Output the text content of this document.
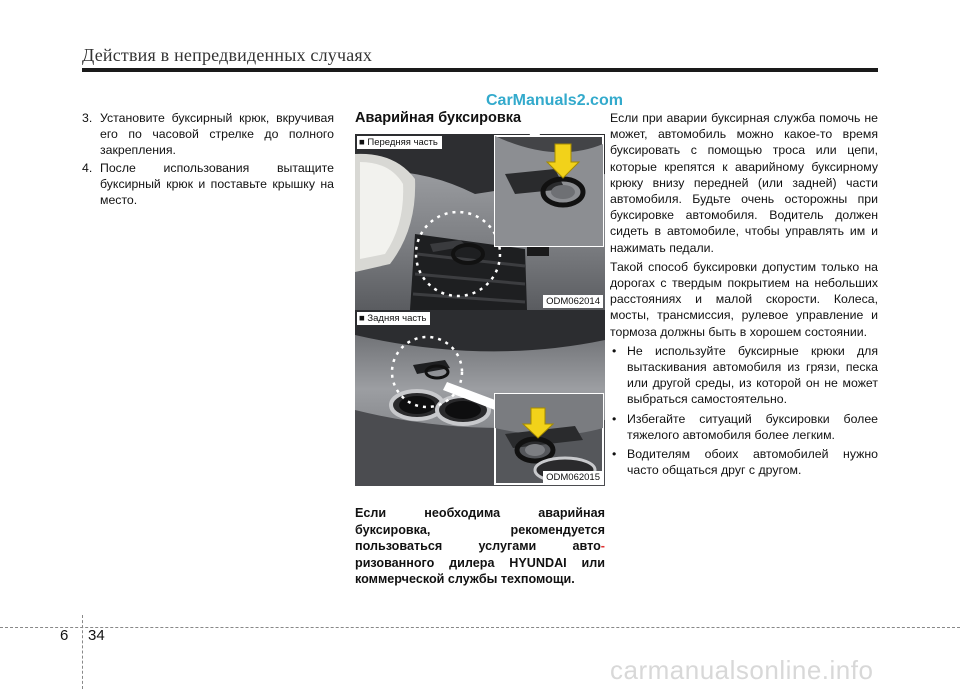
Действия в непредвиденных случаях
CarManuals2.com
3. Установите буксирный крюк, вкручивая его по часовой стрелке до полного закрепления.
4. После использования вытащите буксирный крюк и поставьте крышку на место.
Аварийная буксировка
■ Передняя часть
ODM062014
■ Задняя часть
ODM062015
Если необходима аварийная буксировка, рекомендуется пользоваться услугами авто- ризованного дилера HYUNDAI или коммерческой службы техпомощи.

Если при аварии буксирная служба помочь не может, автомобиль можно какое-то время буксировать с помощью троса или цепи, которые крепятся к аварийному буксирному крюку внизу передней (или задней) части автомобиля. Будьте очень осторожны при буксировке автомобиля. Водитель должен сидеть в автомобиле, чтобы управлять им и нажимать педали.

Такой способ буксировки допустим только на дорогах с твердым покрытием на небольших расстояниях и малой скорости. Колеса, мосты, трансмиссия, рулевое управление и тормоза должны быть в хорошем состоянии.

• Не используйте буксирные крюки для вытаскивания автомобиля из грязи, песка или другой среды, из которой он не может выбраться самостоятельно.
• Избегайте ситуаций буксировки более тяжелого автомобиля более легким.
• Водителям обоих автомобилей нужно часто общаться друг с другом.
6 34
carmanualsonline.info
